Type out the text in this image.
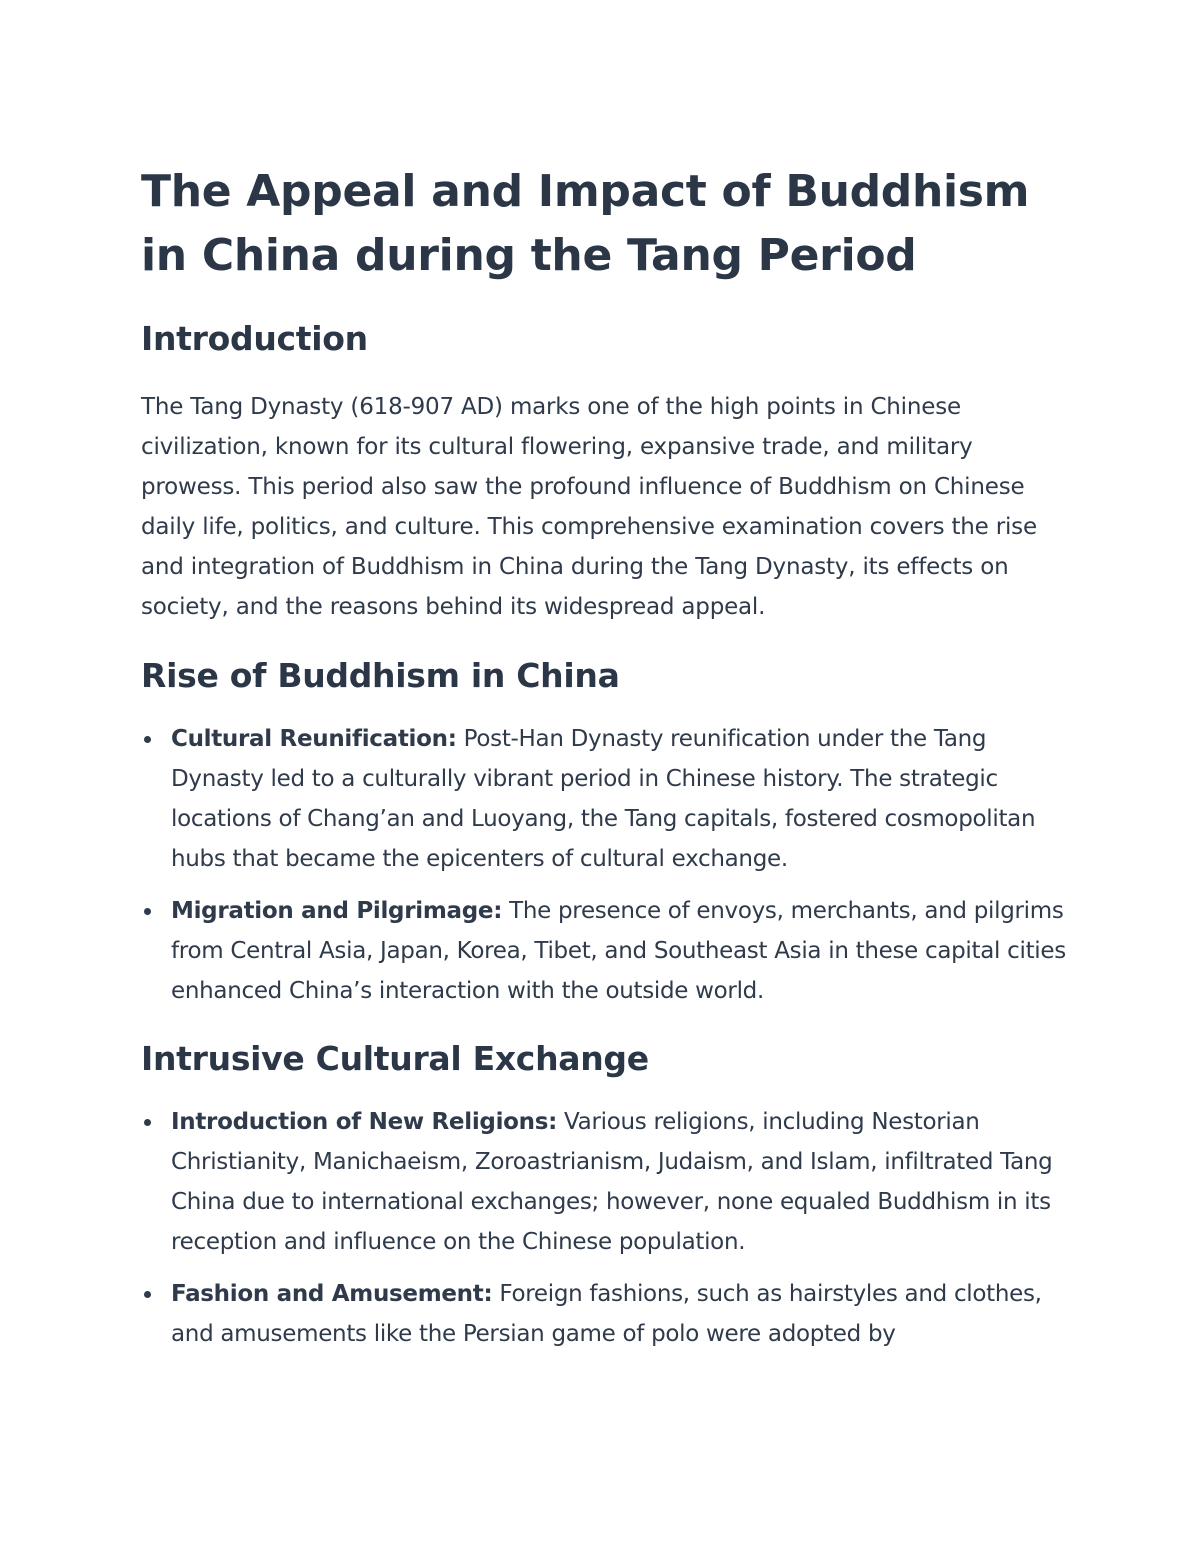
The Appeal and Impact of Buddhism in China during the Tang Period
Introduction

The Tang Dynasty (618-907 AD) marks one of the high points in Chinese civilization, known for its cultural flowering, expansive trade, and military prowess. This period also saw the profound influence of Buddhism on Chinese daily life, politics, and culture. This comprehensive examination covers the rise and integration of Buddhism in China during the Tang Dynasty, its effects on society, and the reasons behind its widespread appeal.

Rise of Buddhism in China
Cultural Reunification: Post-Han Dynasty reunification under the Tang Dynasty led to a culturally vibrant period in Chinese history. The strategic locations of Chang’an and Luoyang, the Tang capitals, fostered cosmopolitan hubs that became the epicenters of cultural exchange.
Migration and Pilgrimage: The presence of envoys, merchants, and pilgrims from Central Asia, Japan, Korea, Tibet, and Southeast Asia in these capital cities enhanced China’s interaction with the outside world.
Intrusive Cultural Exchange
Introduction of New Religions: Various religions, including Nestorian Christianity, Manichaeism, Zoroastrianism, Judaism, and Islam, infiltrated Tang China due to international exchanges; however, none equaled Buddhism in its reception and influence on the Chinese population.
Fashion and Amusement: Foreign fashions, such as hairstyles and clothes, and amusements like the Persian game of polo were adopted by
